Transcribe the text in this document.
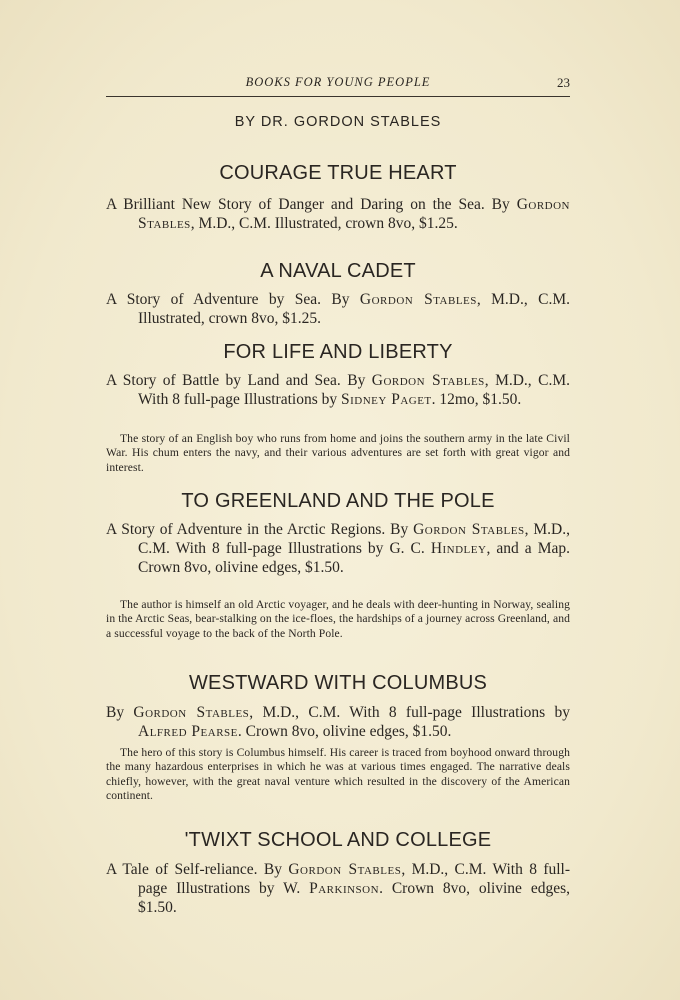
BOOKS FOR YOUNG PEOPLE	23
BY DR. GORDON STABLES
COURAGE TRUE HEART
A Brilliant New Story of Danger and Daring on the Sea. By Gordon Stables, M.D., C.M. Illustrated, crown 8vo, $1.25.
A NAVAL CADET
A Story of Adventure by Sea. By Gordon Stables, M.D., C.M. Illustrated, crown 8vo, $1.25.
FOR LIFE AND LIBERTY
A Story of Battle by Land and Sea. By Gordon Stables, M.D., C.M. With 8 full-page Illustrations by Sidney Paget. 12mo, $1.50.
The story of an English boy who runs from home and joins the southern army in the late Civil War. His chum enters the navy, and their various adventures are set forth with great vigor and interest.
TO GREENLAND AND THE POLE
A Story of Adventure in the Arctic Regions. By Gordon Stables, M.D., C.M. With 8 full-page Illustrations by G. C. Hindley, and a Map. Crown 8vo, olivine edges, $1.50.
The author is himself an old Arctic voyager, and he deals with deer-hunting in Norway, sealing in the Arctic Seas, bear-stalking on the ice-floes, the hardships of a journey across Greenland, and a successful voyage to the back of the North Pole.
WESTWARD WITH COLUMBUS
By Gordon Stables, M.D., C.M. With 8 full-page Illustrations by Alfred Pearse. Crown 8vo, olivine edges, $1.50.
The hero of this story is Columbus himself. His career is traced from boyhood onward through the many hazardous enterprises in which he was at various times engaged. The narrative deals chiefly, however, with the great naval venture which resulted in the discovery of the American continent.
'TWIXT SCHOOL AND COLLEGE
A Tale of Self-reliance. By Gordon Stables, M.D., C.M. With 8 full-page Illustrations by W. Parkinson. Crown 8vo, olivine edges, $1.50.
